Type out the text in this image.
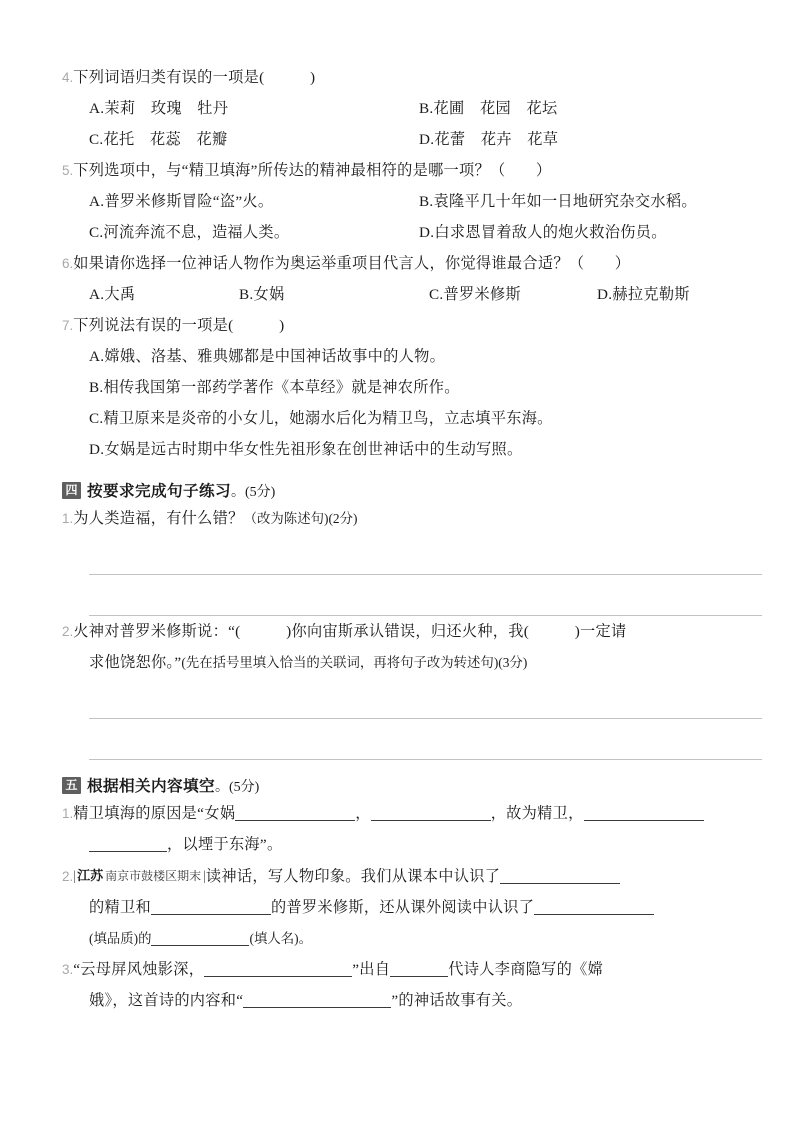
4.下列词语归类有误的一项是(　　　	)
A.茉莉　玫瑰　牡丹	B.花圃　花园　花坛
C.花托　花蕊　花瓣	D.花蕾　花卉　花草
5.下列选项中，与“精卫填海”所传达的精神最相符的是哪一项？（　　 ）
A.普罗米修斯冒险“盗”火。	B.袁隆平几十年如一日地研究杂交水稻。
C.河流奔流不息，造福人类。	D.白求恩冒着敌人的炮火救治伤员。
6.如果请你选择一位神话人物作为奥运举重项目代言人，你觉得谁最合适？（　　 ）
A.大禹	B.女娲	C.普罗米修斯	D.赫拉克勒斯
7.下列说法有误的一项是(　　　	)
A.嫦娥、洛基、雅典娜都是中国神话故事中的人物。
B.相传我国第一部药学著作《本草经》就是神农所作。
C.精卫原来是炎帝的小女儿，她溺水后化为精卫鸟，立志填平东海。
D.女娲是远古时期中华女性先祖形象在创世神话中的生动写照。
四 按要求完成句子练习。(5分)
1.为人类造福，有什么错？（改为陈述句)(2分)
2.火神对普罗米修斯说：“(　　　	)你向宙斯承认错误，归还火种，我(　　　	)一定请
求他饶恕你。”(先在括号里填入恰当的关联词，再将句子改为转述句)(3分)
五 根据相关内容填空。(5分)
1.精卫填海的原因是“女娲	，	，故为精卫，
，以堙于东海”。
2.|江苏 南京市鼓楼区期末 |读神话，写人物印象。我们从课本中认识了
的精卫和	的普罗米修斯，还从课外阅读中认识了
(填品质)的	(填人名)。
3.“云母屏风烛影深，	”出自	代诗人李商隐写的《嫦
娥》，这首诗的内容和“	”的神话故事有关。
